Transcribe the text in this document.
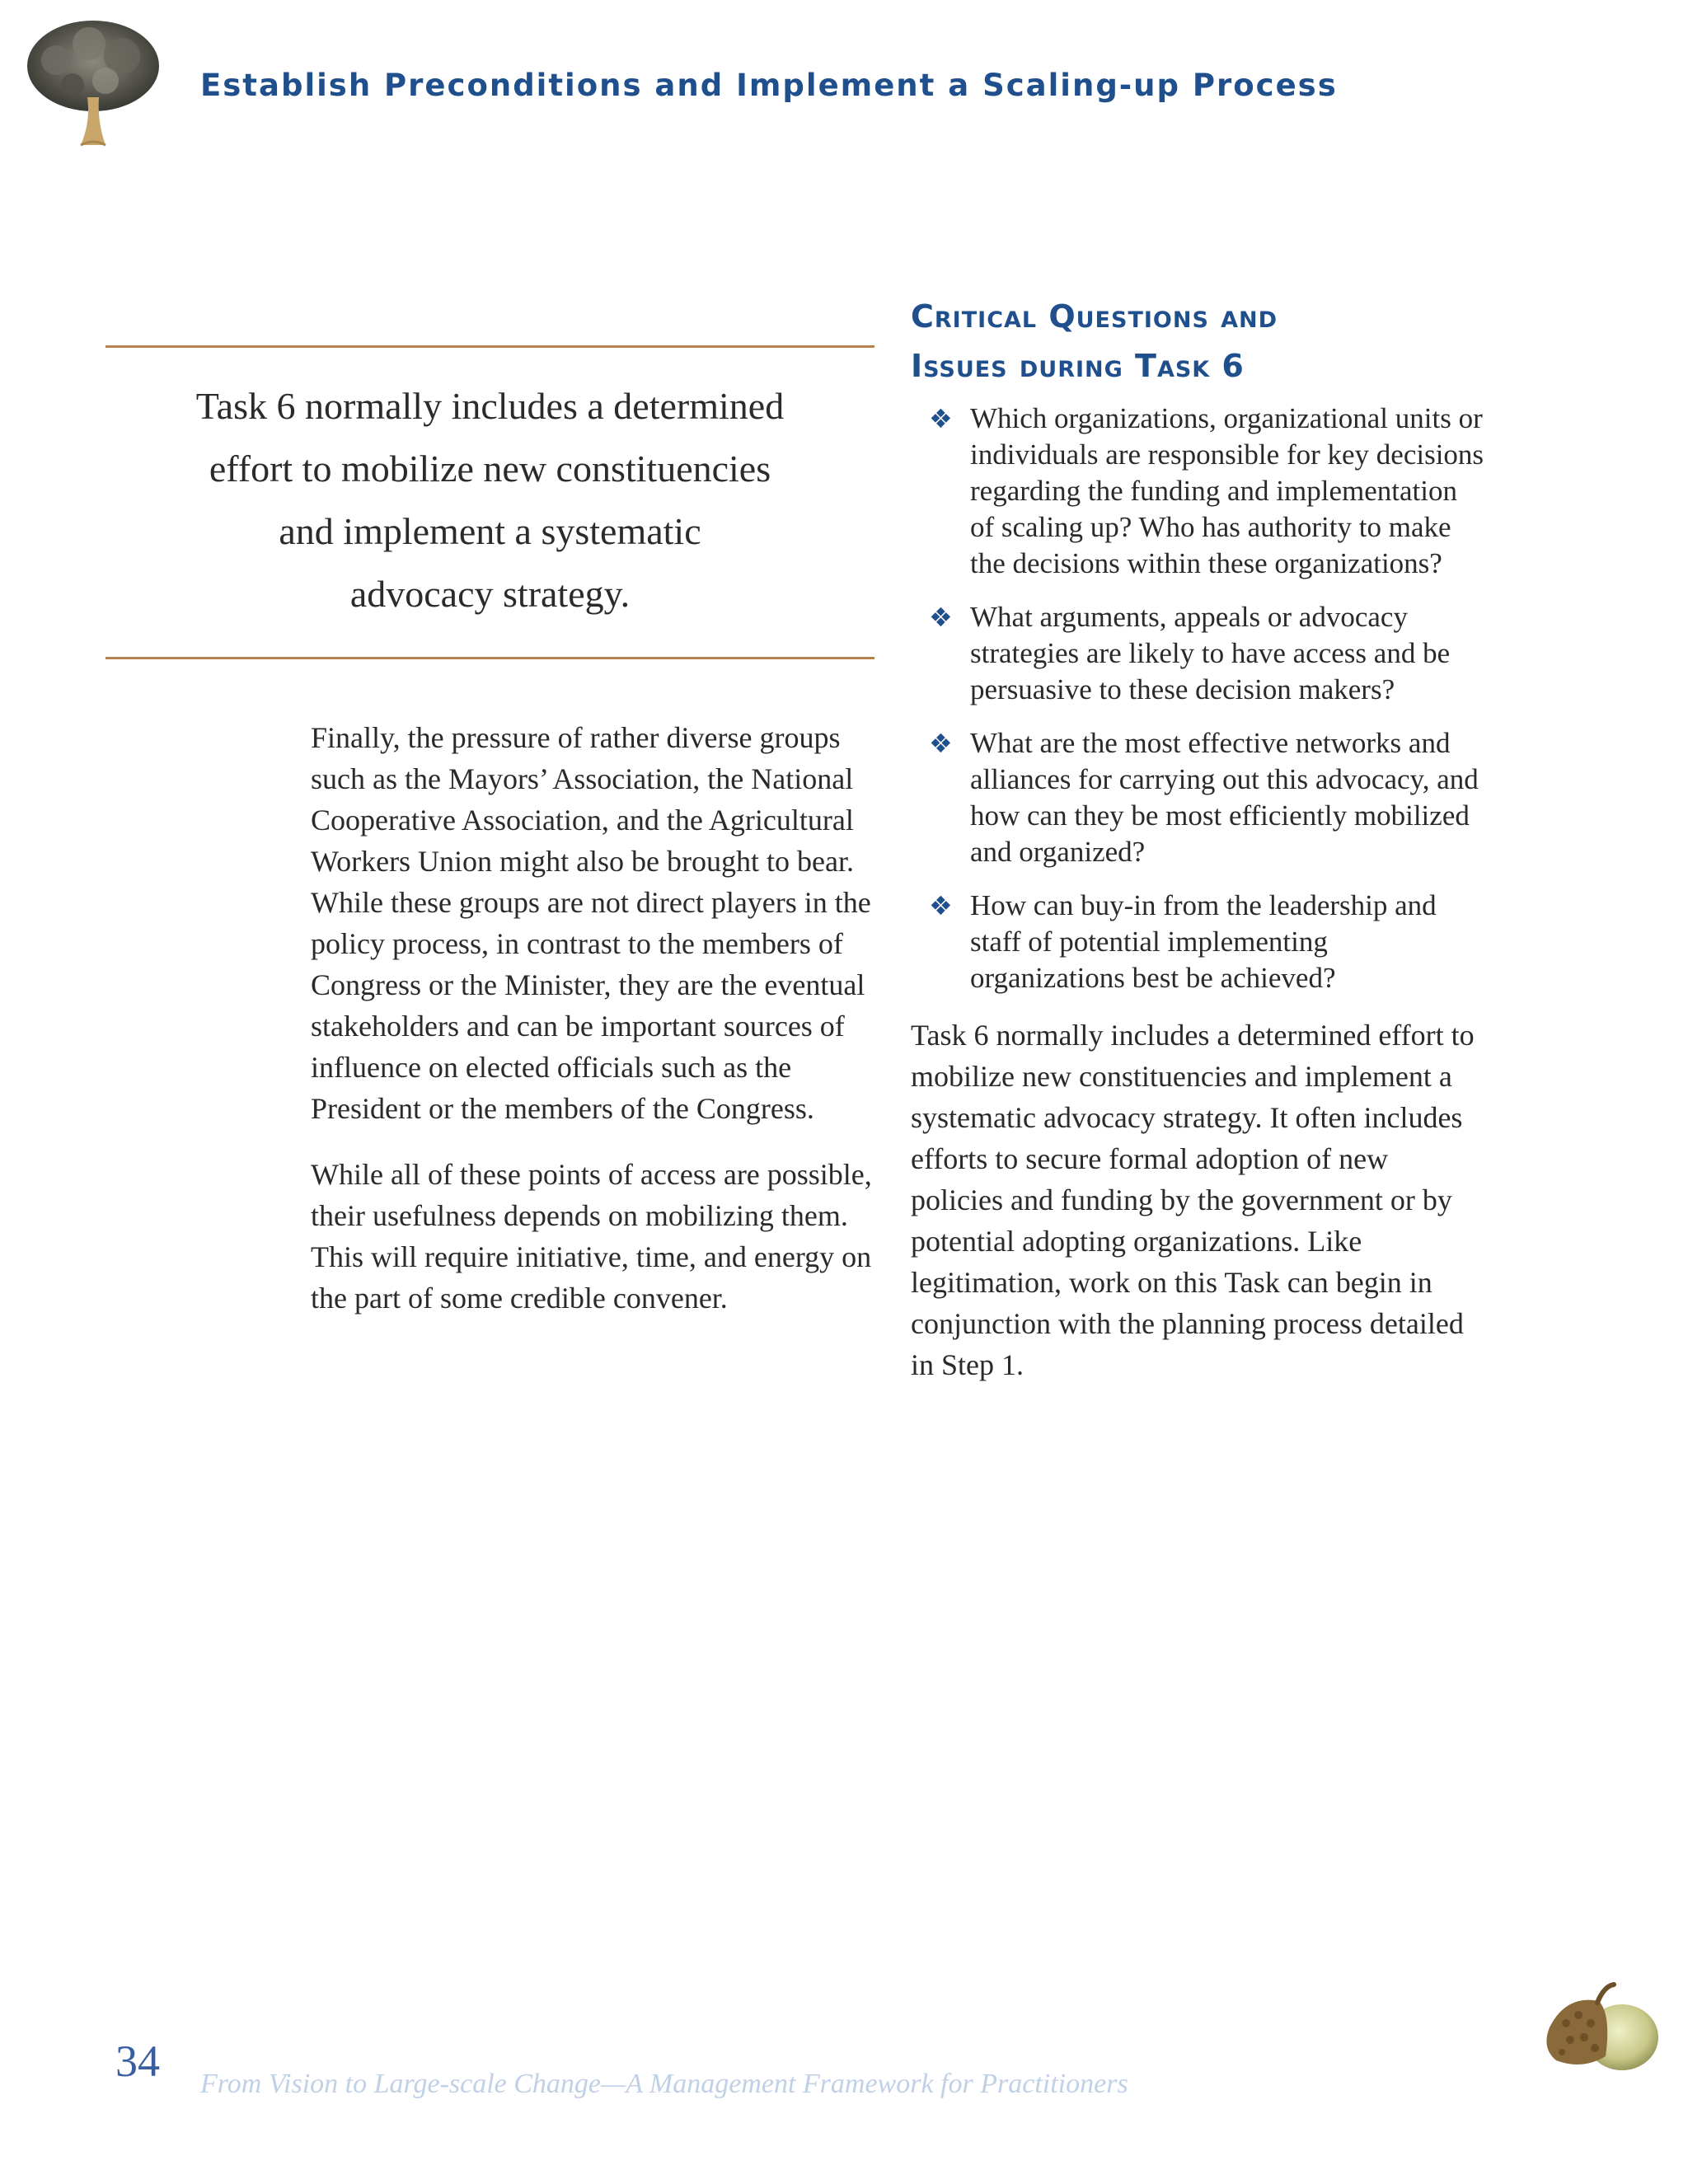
Establish Preconditions and Implement a Scaling-up Process
Task 6 normally includes a determined
effort to mobilize new constituencies
and implement a systematic
advocacy strategy.

Finally, the pressure of rather diverse groups such as the Mayors’ Association, the National Cooperative Association, and the Agricultural Workers Union might also be brought to bear. While these groups are not direct players in the policy process, in contrast to the members of Congress or the Minister, they are the eventual stakeholders and can be important sources of influence on elected officials such as the President or the members of the Congress.

While all of these points of access are possible, their usefulness depends on mobilizing them. This will require initiative, time, and energy on the part of some credible convener.

Critical Questions and
Issues during Task 6
❖ Which organizations, organizational units or individuals are responsible for key decisions regarding the funding and implementation of scaling up? Who has authority to make the decisions within these organizations?
❖ What arguments, appeals or advocacy strategies are likely to have access and be persuasive to these decision makers?
❖ What are the most effective networks and alliances for carrying out this advocacy, and how can they be most efficiently mobilized and organized?
❖ How can buy-in from the leadership and staff of potential implementing organizations best be achieved?

Task 6 normally includes a determined effort to mobilize new constituencies and implement a systematic advocacy strategy. It often includes efforts to secure formal adoption of new policies and funding by the government or by potential adopting organizations. Like legitimation, work on this Task can begin in conjunction with the planning process detailed in Step 1.

34 From Vision to Large-scale Change—A Management Framework for Practitioners
